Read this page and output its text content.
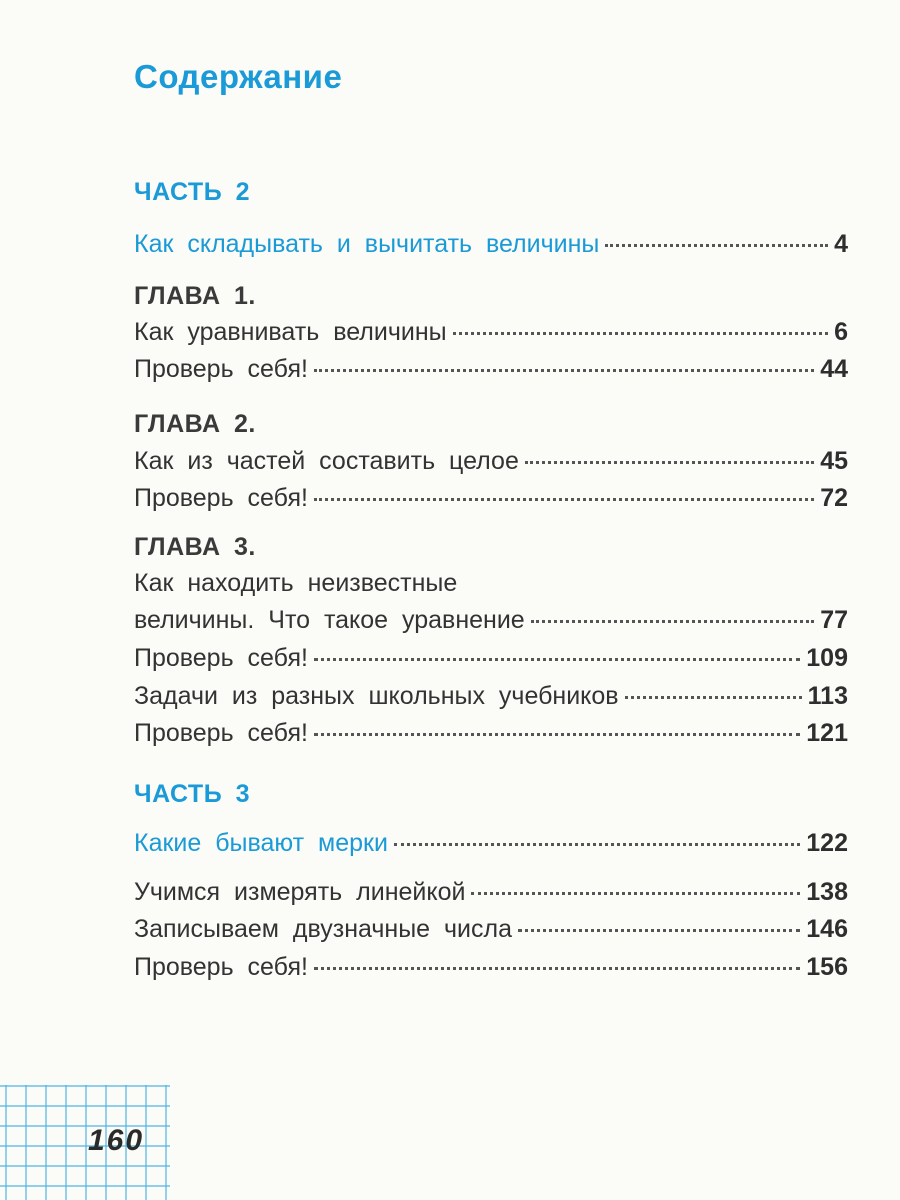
Содержание
ЧАСТЬ 2
Как складывать и вычитать величины	4
ГЛАВА 1.
Как уравнивать величины	6
Проверь себя!	44
ГЛАВА 2.
Как из частей составить целое	45
Проверь себя!	72
ГЛАВА 3.
Как находить неизвестные
величины. Что такое уравнение	77
Проверь себя!	109
Задачи из разных школьных учебников	113
Проверь себя!	121
ЧАСТЬ 3
Какие бывают мерки	122
Учимся измерять линейкой	138
Записываем двузначные числа	146
Проверь себя!	156
160
